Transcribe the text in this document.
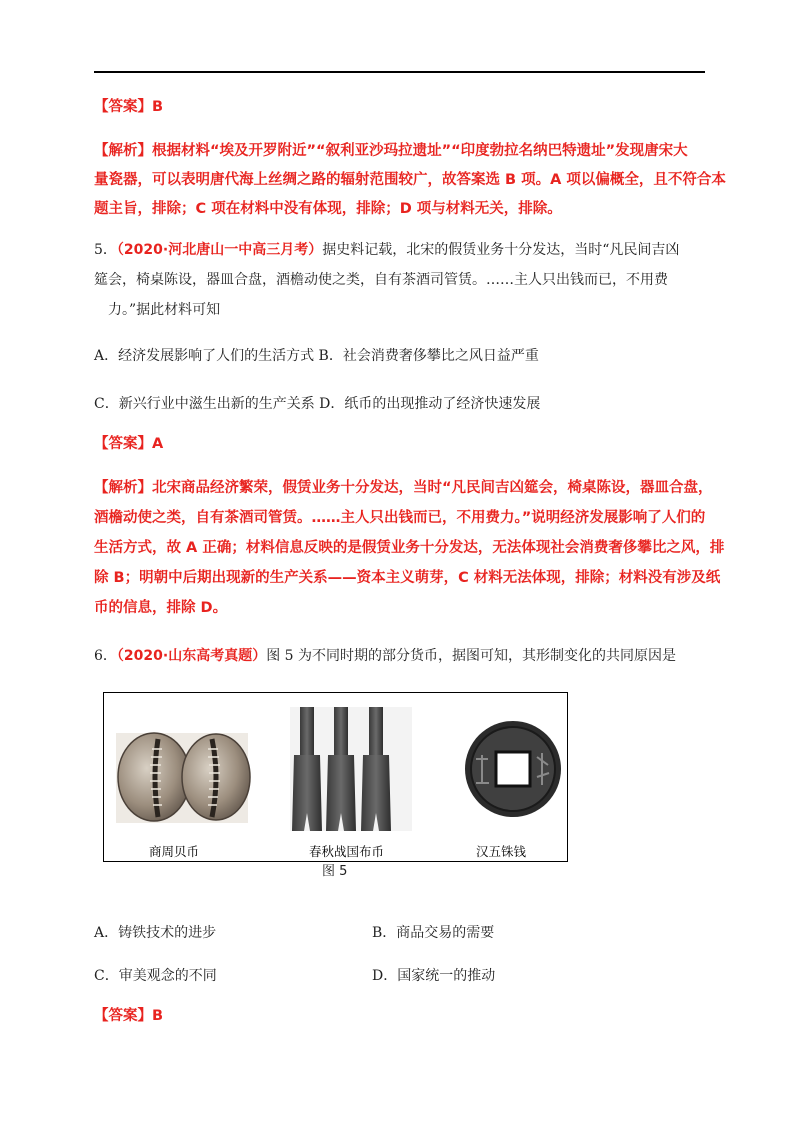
【答案】B
【解析】根据材料“埃及开罗附近”“叙利亚沙玛拉遗址”“印度勃拉名纳巴特遗址”发现唐宋大
量瓷器，可以表明唐代海上丝绸之路的辐射范围较广，故答案选 B 项。A 项以偏概全，且不符合本
题主旨，排除；C 项在材料中没有体现，排除；D 项与材料无关，排除。
5．（2020·河北唐山一中高三月考）据史料记载，北宋的假赁业务十分发达，当时“凡民间吉凶
筵会，椅桌陈设，器皿合盘，酒檐动使之类，自有茶酒司管赁。……主人只出钱而已，不用费
力。”据此材料可知
A．经济发展影响了人们的生活方式 B．社会消费奢侈攀比之风日益严重
C．新兴行业中滋生出新的生产关系 D．纸币的出现推动了经济快速发展
【答案】A
【解析】北宋商品经济繁荣，假赁业务十分发达，当时“凡民间吉凶筵会，椅桌陈设，器皿合盘，
酒檐动使之类，自有茶酒司管赁。……主人只出钱而已，不用费力。”说明经济发展影响了人们的
生活方式，故 A 正确；材料信息反映的是假赁业务十分发达，无法体现社会消费奢侈攀比之风，排
除 B；明朝中后期出现新的生产关系——资本主义萌芽，C 材料无法体现，排除；材料没有涉及纸
币的信息，排除 D。
6．（2020·山东高考真题）图 5 为不同时期的部分货币，据图可知，其形制变化的共同原因是
商周贝币	春秋战国布币	汉五铢钱
图 5
A．铸铁技术的进步	B．商品交易的需要
C．审美观念的不同	D．国家统一的推动
【答案】B
